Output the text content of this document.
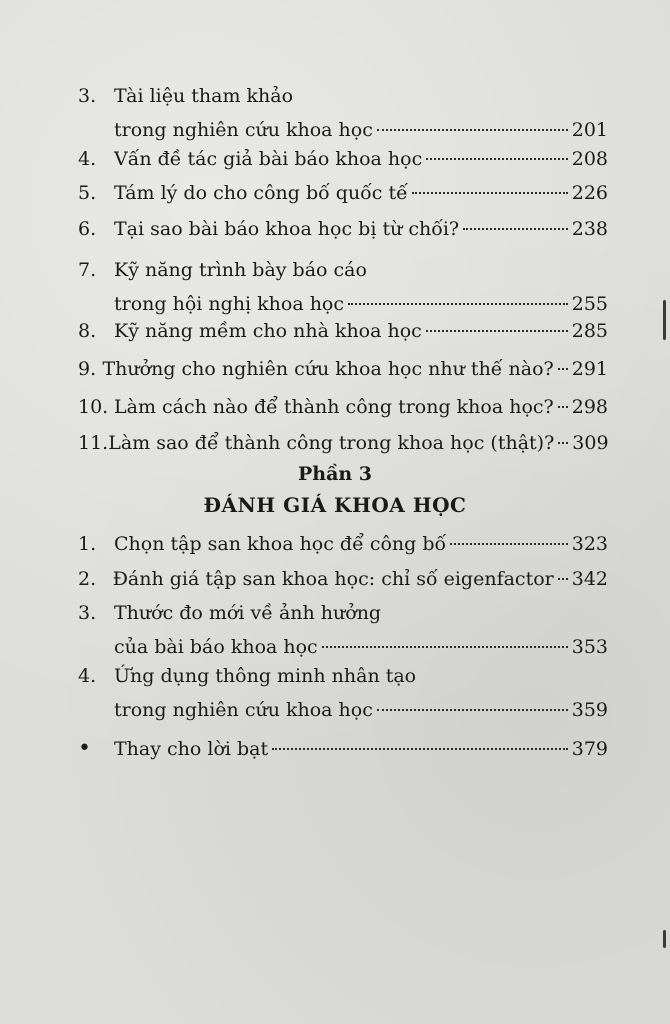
3. Tài liệu tham khảo
trong nghiên cứu khoa học	201
4. Vấn đề tác giả bài báo khoa học	208
5. Tám lý do cho công bố quốc tế	226
6. Tại sao bài báo khoa học bị từ chối?	238
7. Kỹ năng trình bày báo cáo
trong hội nghị khoa học	255
8. Kỹ năng mềm cho nhà khoa học	285
9. Thưởng cho nghiên cứu khoa học như thế nào? 291
10. Làm cách nào để thành công trong khoa học? 298
11. Làm sao để thành công trong khoa học (thật)? 309
Phần 3
ĐÁNH GIÁ KHOA HỌC
1. Chọn tập san khoa học để công bố	323
2. Đánh giá tập san khoa học: chỉ số eigenfactor 342
3. Thước đo mới về ảnh hưởng
của bài báo khoa học	353
4. Ứng dụng thông minh nhân tạo
trong nghiên cứu khoa học	359
•	Thay cho lời bạt	379
